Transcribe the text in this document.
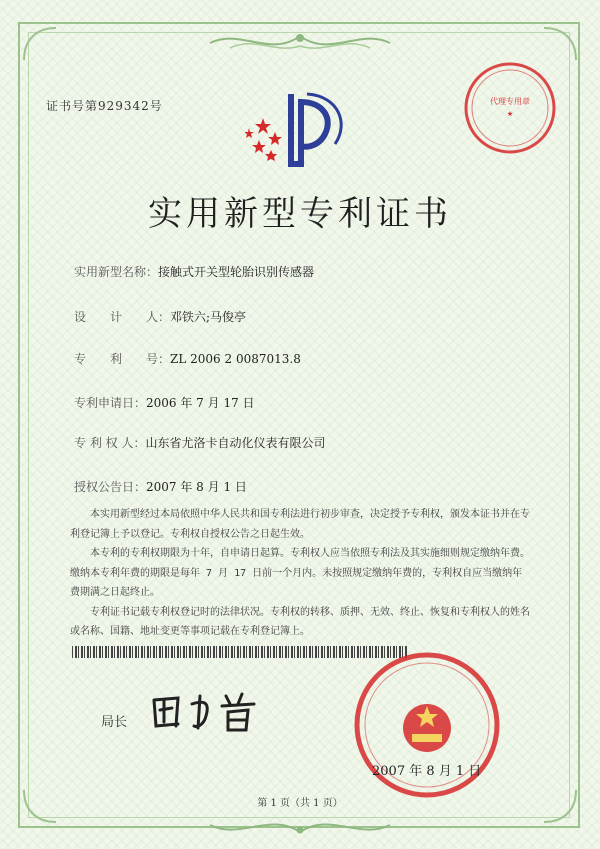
证书号第929342号	代理专用章
★
实用新型专利证书
实用新型名称：接触式开关型轮胎识别传感器
设　　计　　人：邓铁六;马俊亭
专　　利　　号：ZL 2006 2 0087013.8
专利申请日：2006 年 7 月 17 日
专 利 权 人：山东省尤洛卡自动化仪表有限公司
授权公告日：2007 年 8 月 1 日

本实用新型经过本局依照中华人民共和国专利法进行初步审查，决定授予专利权，颁发本证书并在专利登记簿上予以登记。专利权自授权公告之日起生效。

本专利的专利权期限为十年，自申请日起算。专利权人应当依照专利法及其实施细则规定缴纳年费。缴纳本专利年费的期限是每年 7 月 17 日前一个月内。未按照规定缴纳年费的，专利权自应当缴纳年费期满之日起终止。

专利证书记载专利权登记时的法律状况。专利权的转移、质押、无效、终止、恢复和专利权人的姓名或名称、国籍、地址变更等事项记载在专利登记簿上。

局长
2007 年 8 月 1 日
第 1 页（共 1 页）
